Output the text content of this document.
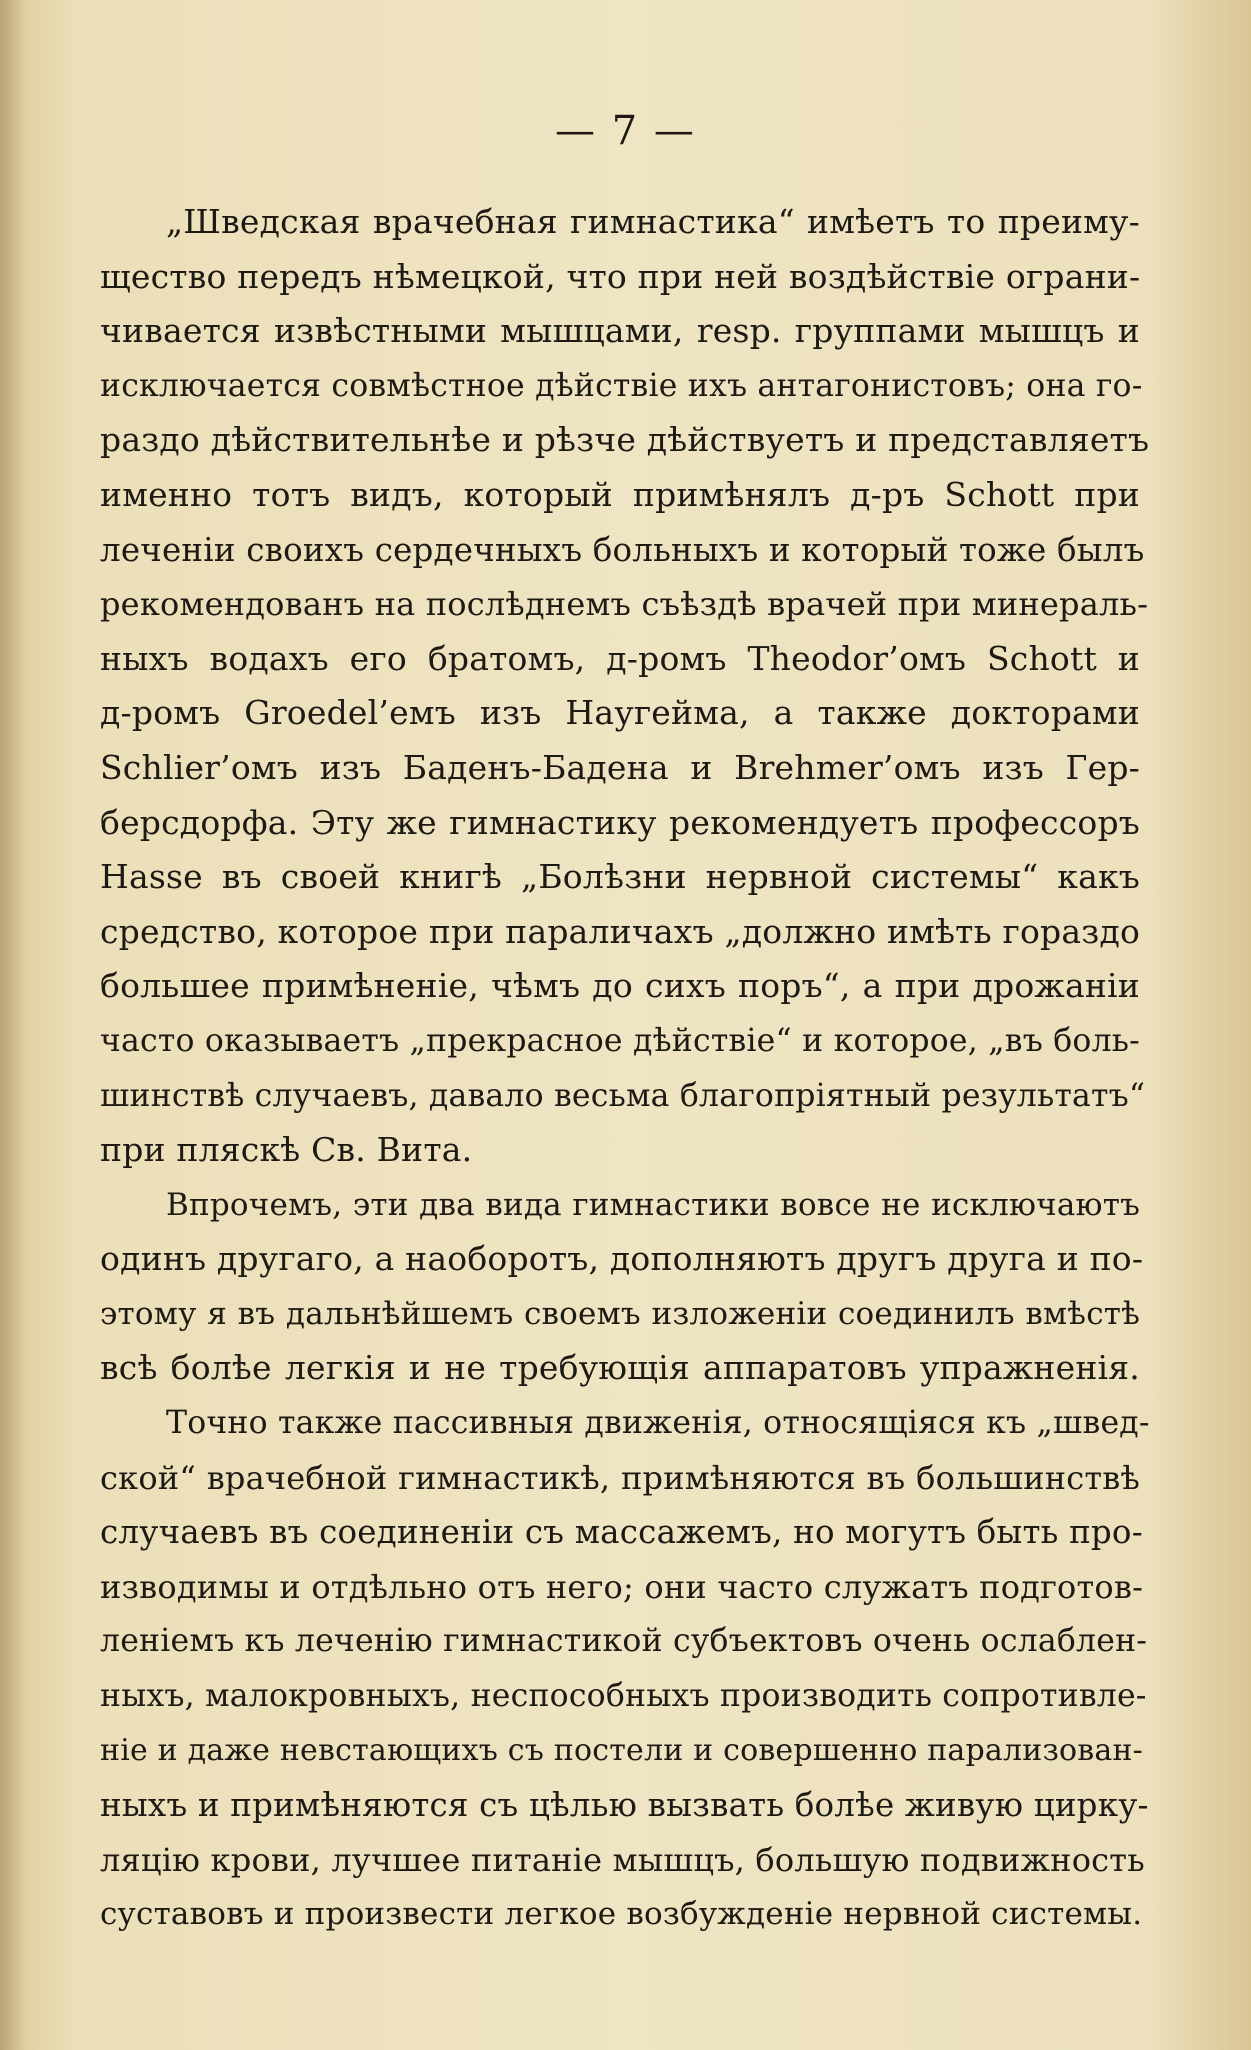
— 7 —
„Шведская врачебная гимнастика“ имѣетъ то преиму-
щество передъ нѣмецкой, что при ней воздѣйствіе ограни-
чивается извѣстными мышцами, resp. группами мышцъ и
исключается совмѣстное дѣйствіе ихъ антагонистовъ; она го-
раздо дѣйствительнѣе и рѣзче дѣйствуетъ и представляетъ
именно тотъ видъ, который примѣнялъ д-ръ Schott при
леченіи своихъ сердечныхъ больныхъ и который тоже былъ
рекомендованъ на послѣднемъ съѣздѣ врачей при минераль-
ныхъ водахъ его братомъ, д-ромъ Theodor’омъ Schott и
д-ромъ Groedel’емъ изъ Наугейма, а также докторами
Schlier’омъ изъ Баденъ-Бадена и Brehmer’омъ изъ Гер-
берсдорфа. Эту же гимнастику рекомендуетъ профессоръ
Hasse въ своей книгѣ „Болѣзни нервной системы“ какъ
средство, которое при параличахъ „должно имѣть гораздо
большее примѣненіе, чѣмъ до сихъ поръ“, а при дрожаніи
часто оказываетъ „прекрасное дѣйствіе“ и которое, „въ боль-
шинствѣ случаевъ, давало весьма благопріятный результатъ“
при пляскѣ Св. Вита.
Впрочемъ, эти два вида гимнастики вовсе не исключаютъ
одинъ другаго, а наоборотъ, дополняютъ другъ друга и по-
этому я въ дальнѣйшемъ своемъ изложеніи соединилъ вмѣстѣ
всѣ болѣе легкія и не требующія аппаратовъ упражненія.
Точно также пассивныя движенія, относящіяся къ „швед-
ской“ врачебной гимнастикѣ, примѣняются въ большинствѣ
случаевъ въ соединеніи съ массажемъ, но могутъ быть про-
изводимы и отдѣльно отъ него; они часто служатъ подготов-
леніемъ къ леченію гимнастикой субъектовъ очень ослаблен-
ныхъ, малокровныхъ, неспособныхъ производить сопротивле-
ніе и даже невстающихъ съ постели и совершенно парализован-
ныхъ и примѣняются съ цѣлью вызвать болѣе живую цирку-
ляцію крови, лучшее питаніе мышцъ, большую подвижность
суставовъ и произвести легкое возбужденіе нервной системы.
